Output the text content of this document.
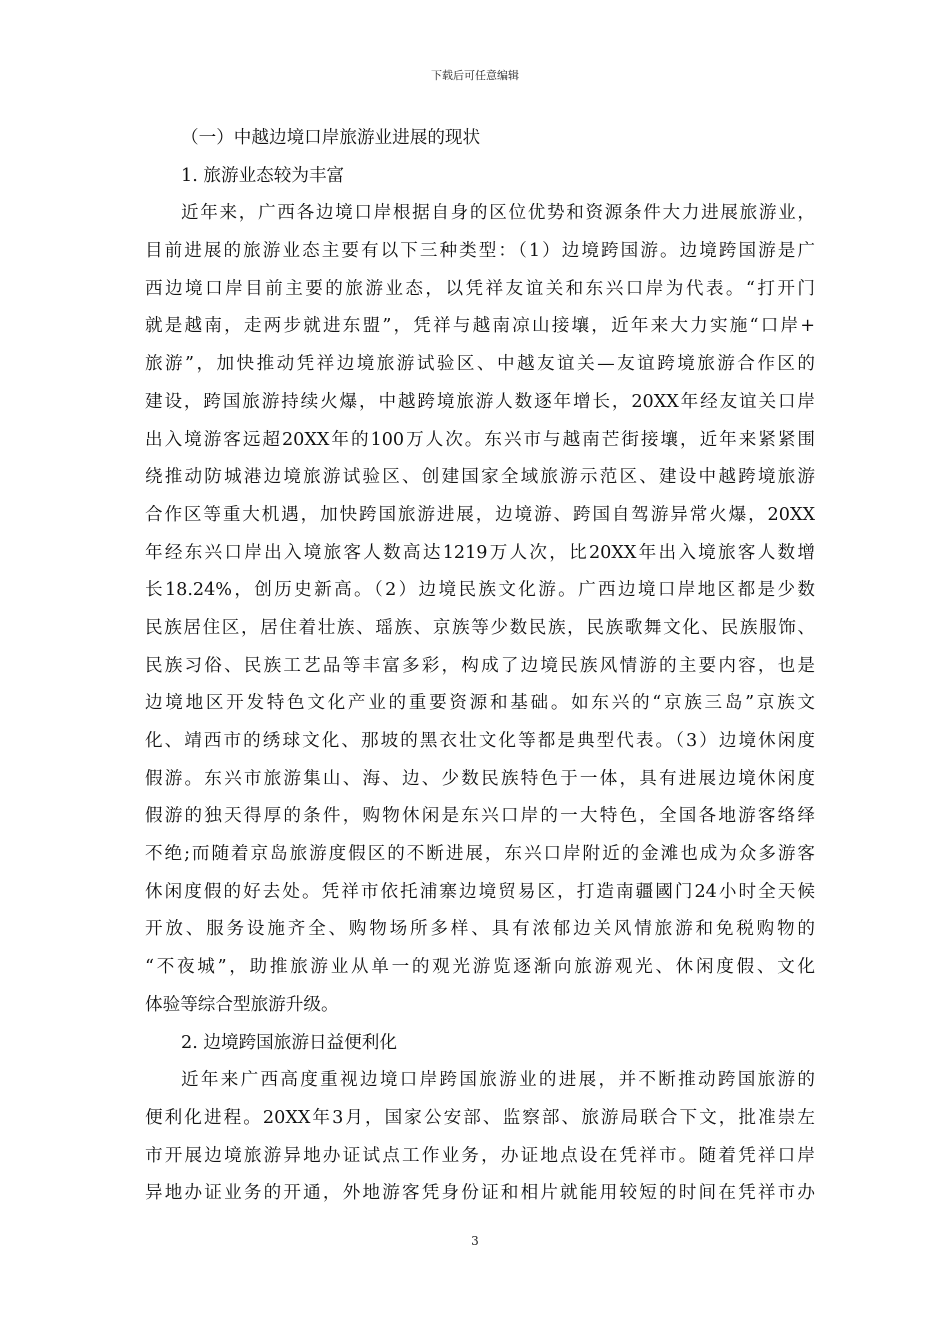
下载后可任意编辑
（一）中越边境口岸旅游业进展的现状
1. 旅游业态较为丰富
近年来，广西各边境口岸根据自身的区位优势和资源条件大力进展旅游业，
目前进展的旅游业态主要有以下三种类型：（1）边境跨国游。边境跨国游是广
西边境口岸目前主要的旅游业态，以凭祥友谊关和东兴口岸为代表。“打开门
就是越南，走两步就进东盟”，凭祥与越南凉山接壤，近年来大力实施“口岸+
旅游”，加快推动凭祥边境旅游试验区、中越友谊关—友谊跨境旅游合作区的
建设，跨国旅游持续火爆，中越跨境旅游人数逐年增长，20XX年经友谊关口岸
出入境游客远超20XX年的100万人次。东兴市与越南芒街接壤，近年来紧紧围
绕推动防城港边境旅游试验区、创建国家全域旅游示范区、建设中越跨境旅游
合作区等重大机遇，加快跨国旅游进展，边境游、跨国自驾游异常火爆，20XX
年经东兴口岸出入境旅客人数高达1219万人次，比20XX年出入境旅客人数增
长18.24%，创历史新高。（2）边境民族文化游。广西边境口岸地区都是少数
民族居住区，居住着壮族、瑶族、京族等少数民族，民族歌舞文化、民族服饰、
民族习俗、民族工艺品等丰富多彩，构成了边境民族风情游的主要内容，也是
边境地区开发特色文化产业的重要资源和基础。如东兴的“京族三岛”京族文
化、靖西市的绣球文化、那坡的黑衣壮文化等都是典型代表。（3）边境休闲度
假游。东兴市旅游集山、海、边、少数民族特色于一体，具有进展边境休闲度
假游的独天得厚的条件，购物休闲是东兴口岸的一大特色，全国各地游客络绎
不绝;而随着京岛旅游度假区的不断进展，东兴口岸附近的金滩也成为众多游客
休闲度假的好去处。凭祥市依托浦寨边境贸易区，打造南疆國门24小时全天候
开放、服务设施齐全、购物场所多样、具有浓郁边关风情旅游和免税购物的
“不夜城”，助推旅游业从单一的观光游览逐渐向旅游观光、休闲度假、文化
体验等综合型旅游升级。
2. 边境跨国旅游日益便利化
近年来广西高度重视边境口岸跨国旅游业的进展，并不断推动跨国旅游的
便利化进程。20XX年3月，国家公安部、监察部、旅游局联合下文，批准崇左
市开展边境旅游异地办证试点工作业务，办证地点设在凭祥市。随着凭祥口岸
异地办证业务的开通，外地游客凭身份证和相片就能用较短的时间在凭祥市办
3
